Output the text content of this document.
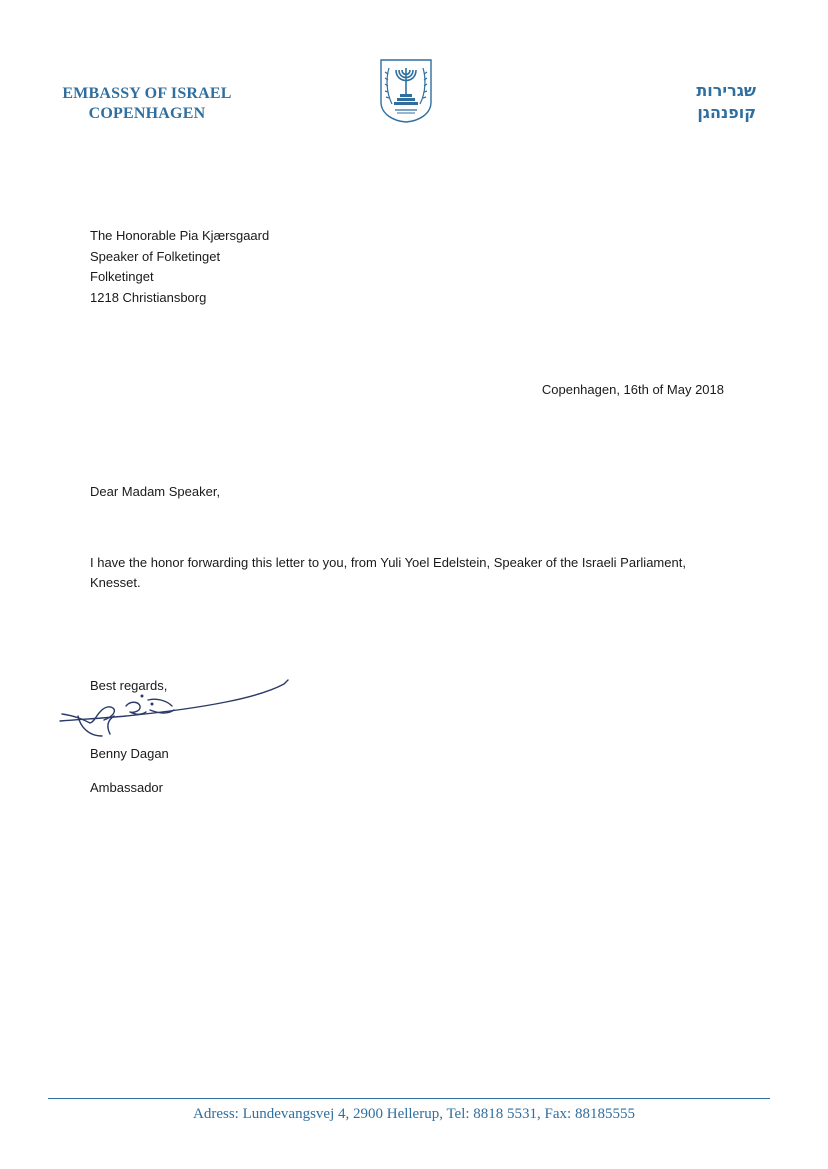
EMBASSY OF ISRAEL
COPENHAGEN
שגרירות
קופנהגן
The Honorable Pia Kjærsgaard
Speaker of Folketinget
Folketinget
1218 Christiansborg
Copenhagen, 16th of May 2018
Dear Madam Speaker,
I have the honor forwarding this letter to you, from Yuli Yoel Edelstein, Speaker of the Israeli Parliament, Knesset.
Best regards,
Benny Dagan
Ambassador
Adress: Lundevangsvej 4, 2900 Hellerup, Tel: 8818 5531, Fax: 88185555
